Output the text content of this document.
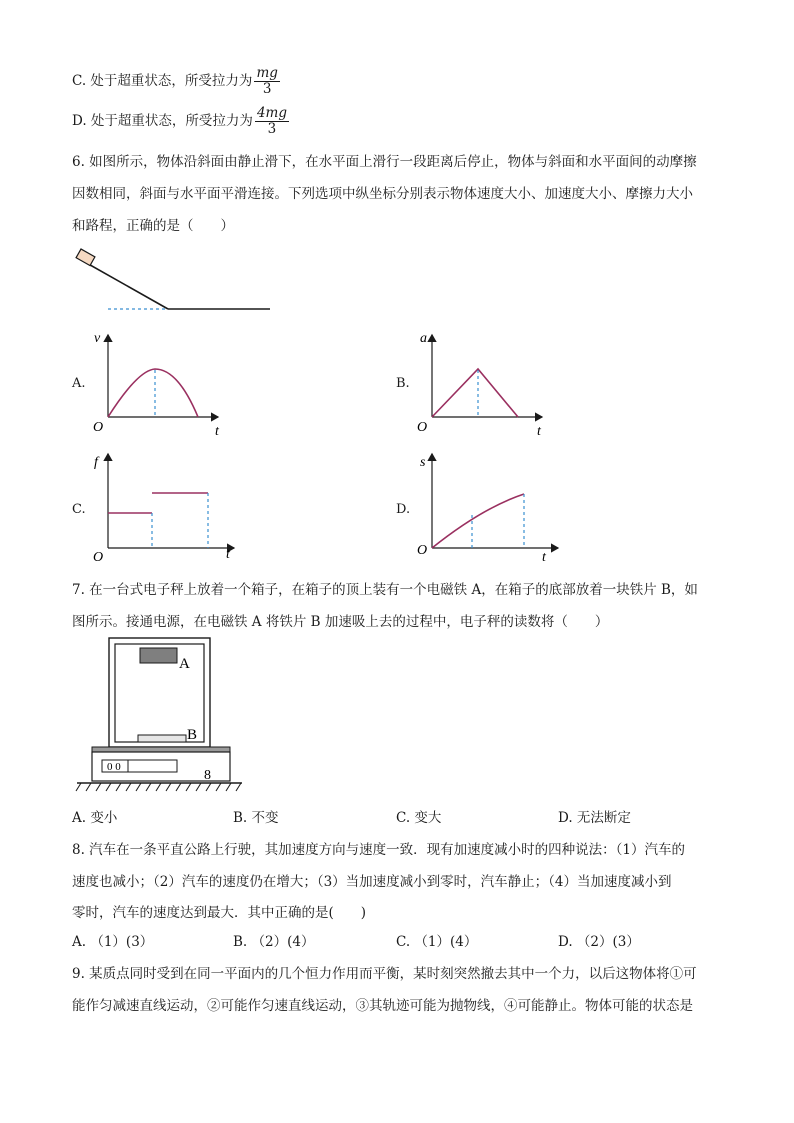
C. 处于超重状态，所受拉力为 $\frac{mg}{3}$
D. 处于超重状态，所受拉力为 $\frac{4mg}{3}$
6. 如图所示，物体沿斜面由静止滑下，在水平面上滑行一段距离后停止，物体与斜面和水平面间的动摩擦
因数相同，斜面与水平面平滑连接。下列选项中纵坐标分别表示物体速度大小、加速度大小、摩擦力大小
和路程，正确的是（　　）
A.	B.
C.	D.
v
O	t
a
O	t
f
O	t
s
O	t
7. 在一台式电子秤上放着一个箱子，在箱子的顶上装有一个电磁铁 A，在箱子的底部放着一块铁片 B，如
图所示。接通电源，在电磁铁 A 将铁片 B 加速吸上去的过程中，电子秤的读数将（　　）
A
B
0 0
8
A. 变小	B. 不变	C. 变大	D. 无法断定
8. 汽车在一条平直公路上行驶，其加速度方向与速度一致．现有加速度减小时的四种说法：（1）汽车的
速度也减小；（2）汽车的速度仍在增大；（3）当加速度减小到零时，汽车静止；（4）当加速度减小到
零时，汽车的速度达到最大．其中正确的是(　　)
A. （1）(3）	B. （2）(4）	C. （1）(4）	D. （2）(3）
9. 某质点同时受到在同一平面内的几个恒力作用而平衡，某时刻突然撤去其中一个力，以后这物体将①可
能作匀减速直线运动，②可能作匀速直线运动，③其轨迹可能为抛物线，④可能静止。物体可能的状态是
